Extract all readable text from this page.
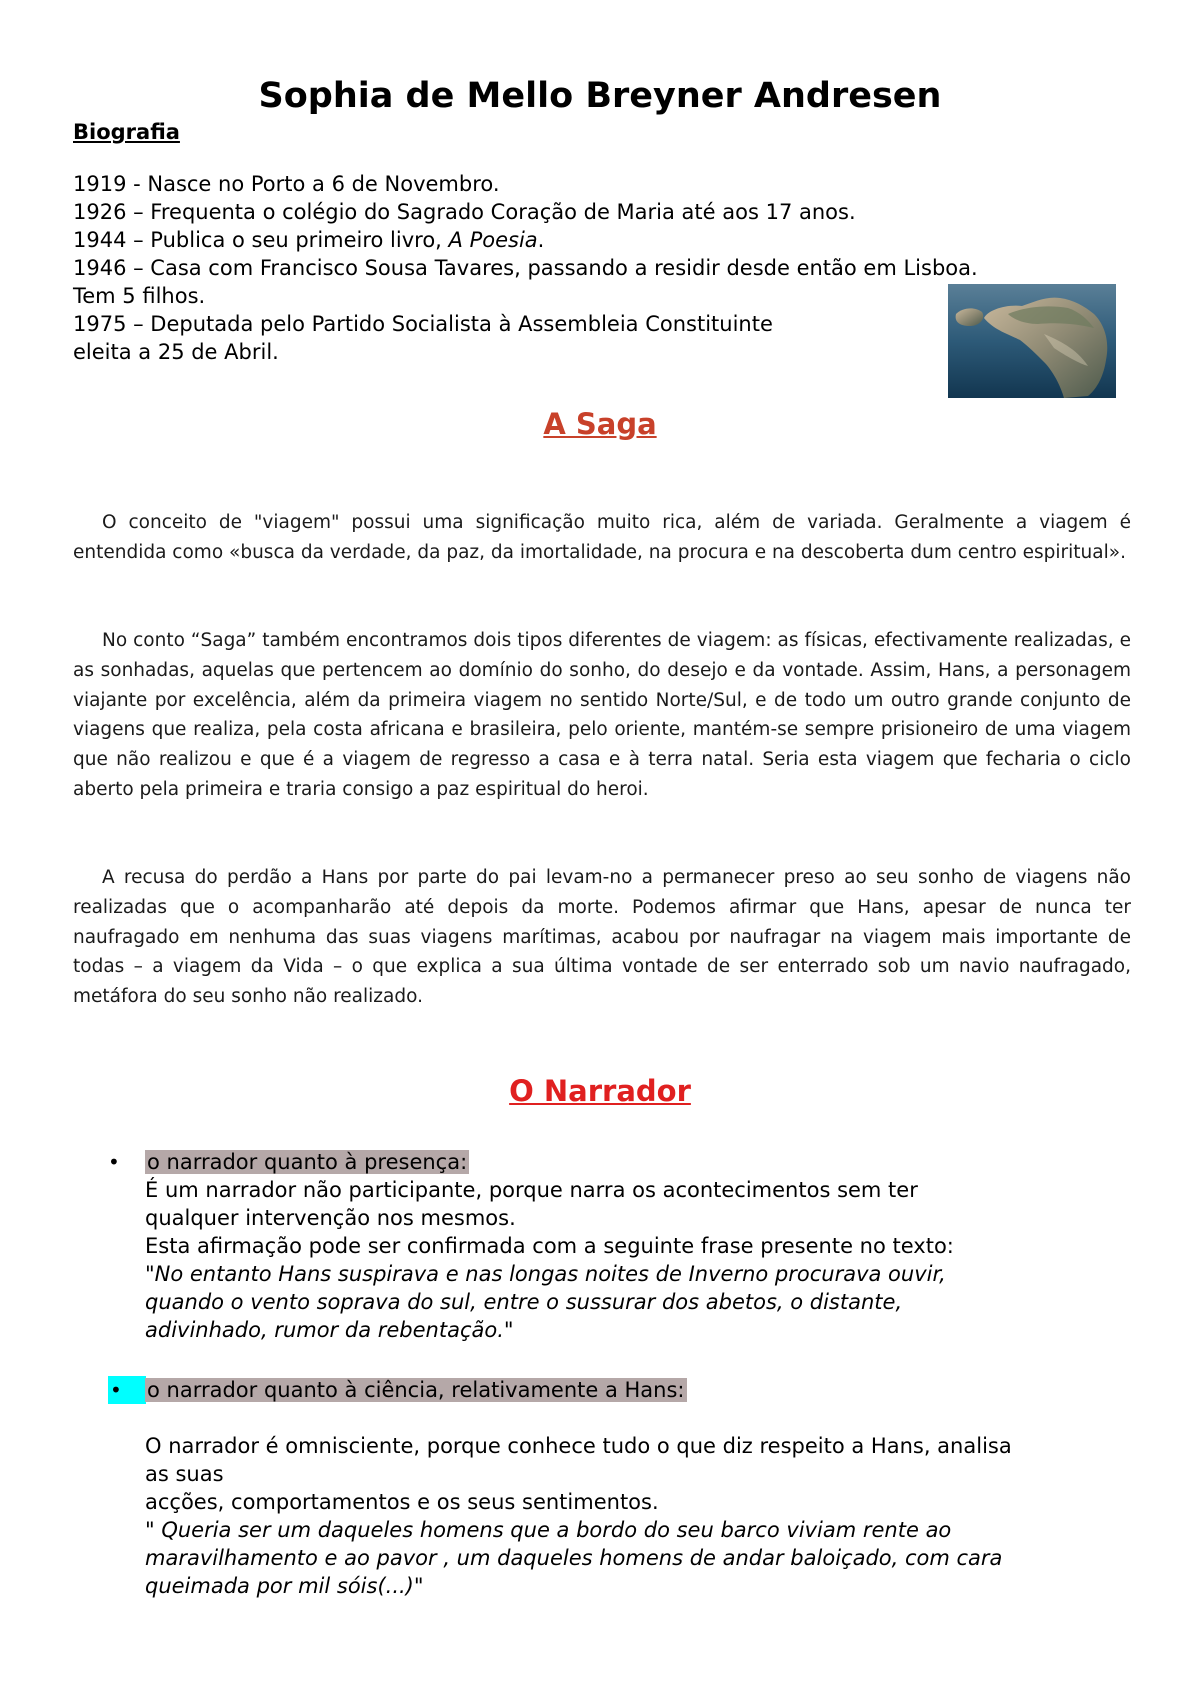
Sophia de Mello Breyner Andresen
Biografia
1919 - Nasce no Porto a 6 de Novembro.
1926 – Frequenta o colégio do Sagrado Coração de Maria até aos 17 anos.
1944 – Publica o seu primeiro livro, A Poesia.
1946 – Casa com Francisco Sousa Tavares, passando a residir desde então em Lisboa.
Tem 5 filhos.
1975 – Deputada pelo Partido Socialista à Assembleia Constituinte
eleita a 25 de Abril.
A Saga

O conceito de "viagem" possui uma significação muito rica, além de variada. Geralmente a viagem é entendida como «busca da verdade, da paz, da imortalidade, na procura e na descoberta dum centro espiritual».

No conto “Saga” também encontramos dois tipos diferentes de viagem: as físicas, efectivamente realizadas, e as sonhadas, aquelas que pertencem ao domínio do sonho, do desejo e da vontade. Assim, Hans, a personagem viajante por excelência, além da primeira viagem no sentido Norte/Sul, e de todo um outro grande conjunto de viagens que realiza, pela costa africana e brasileira, pelo oriente, mantém-se sempre prisioneiro de uma viagem que não realizou e que é a viagem de regresso a casa e à terra natal. Seria esta viagem que fecharia o ciclo aberto pela primeira e traria consigo a paz espiritual do heroi.

A recusa do perdão a Hans por parte do pai levam-no a permanecer preso ao seu sonho de viagens não realizadas que o acompanharão até depois da morte. Podemos afirmar que Hans, apesar de nunca ter naufragado em nenhuma das suas viagens marítimas, acabou por naufragar na viagem mais importante de todas – a viagem da Vida – o que explica a sua última vontade de ser enterrado sob um navio naufragado, metáfora do seu sonho não realizado.

O Narrador
•	o narrador quanto à presença:
É um narrador não participante, porque narra os acontecimentos sem ter
qualquer intervenção nos mesmos.
Esta afirmação pode ser confirmada com a seguinte frase presente no texto:
"No entanto Hans suspirava e nas longas noites de Inverno procurava ouvir,
quando o vento soprava do sul, entre o sussurar dos abetos, o distante,
adivinhado, rumor da rebentação."
•	o narrador quanto à ciência, relativamente a Hans:
O narrador é omnisciente, porque conhece tudo o que diz respeito a Hans, analisa
as suas
acções, comportamentos e os seus sentimentos.
" Queria ser um daqueles homens que a bordo do seu barco viviam rente ao
maravilhamento e ao pavor , um daqueles homens de andar baloiçado, com cara
queimada por mil sóis(...)"
